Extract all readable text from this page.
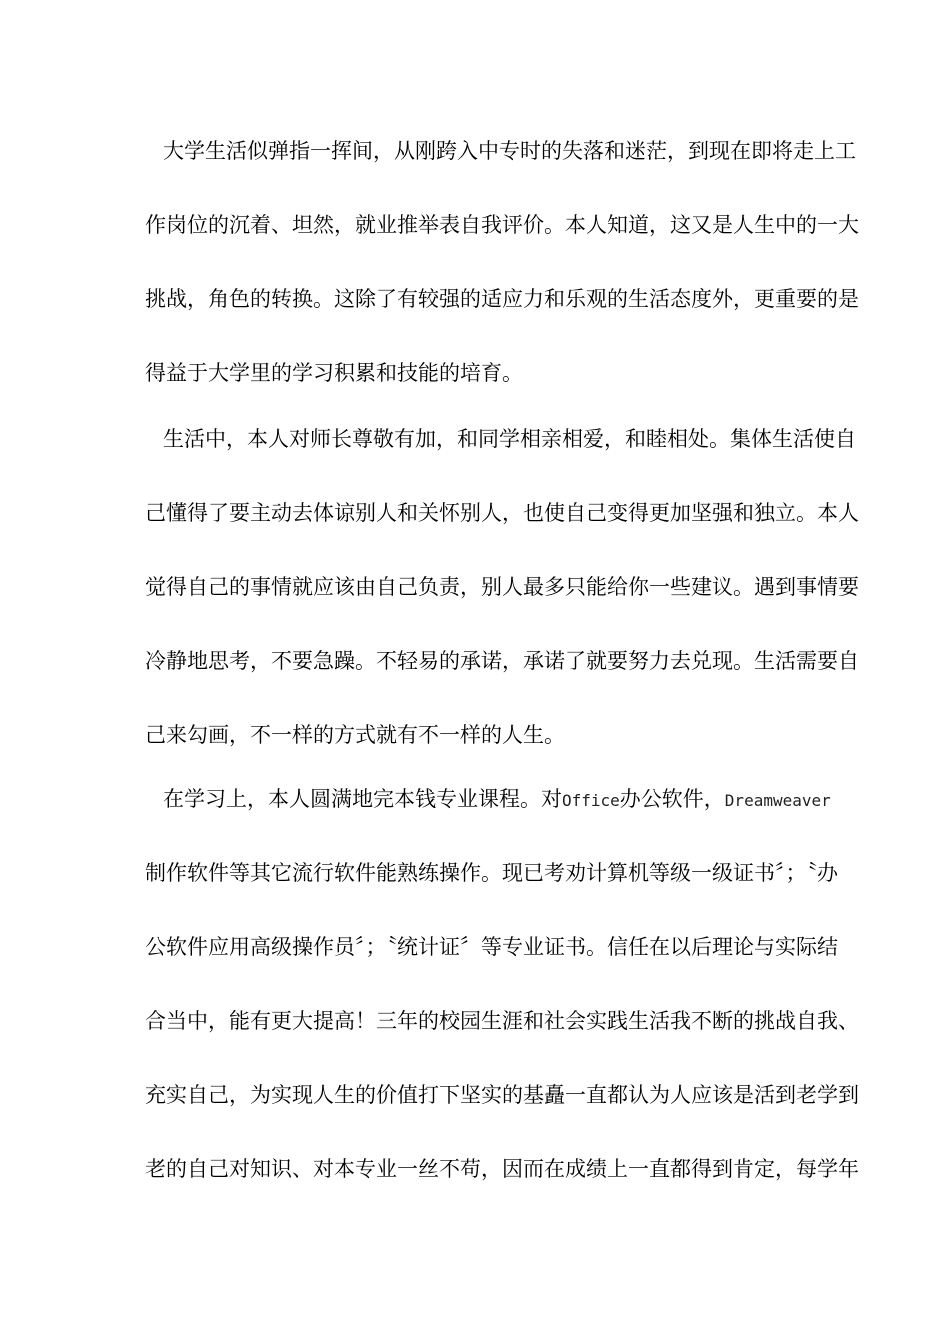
大学生活似弹指一挥间，从刚跨入中专时的失落和迷茫，到现在即将走上工
作岗位的沉着、坦然，就业推举表自我评价。本人知道，这又是人生中的一大
挑战，角色的转换。这除了有较强的适应力和乐观的生活态度外，更重要的是
得益于大学里的学习积累和技能的培育。
生活中，本人对师长尊敬有加，和同学相亲相爱，和睦相处。集体生活使自
己懂得了要主动去体谅别人和关怀别人，也使自己变得更加坚强和独立。本人
觉得自己的事情就应该由自己负责，别人最多只能给你一些建议。遇到事情要
冷静地思考，不要急躁。不轻易的承诺，承诺了就要努力去兑现。生活需要自
己来勾画，不一样的方式就有不一样的人生。
在学习上，本人圆满地完本钱专业课程。对Office办公软件，Dreamweaver
制作软件等其它流行软件能熟练操作。现已考劝计算机等级一级证书〞；〝办
公软件应用高级操作员〞；〝统计证〞等专业证书。信任在以后理论与实际结
合当中，能有更大提高！三年的校园生涯和社会实践生活我不断的挑战自我、
充实自己，为实现人生的价值打下坚实的基矗一直都认为人应该是活到老学到
老的自己对知识、对本专业一丝不苟，因而在成绩上一直都得到肯定，每学年
